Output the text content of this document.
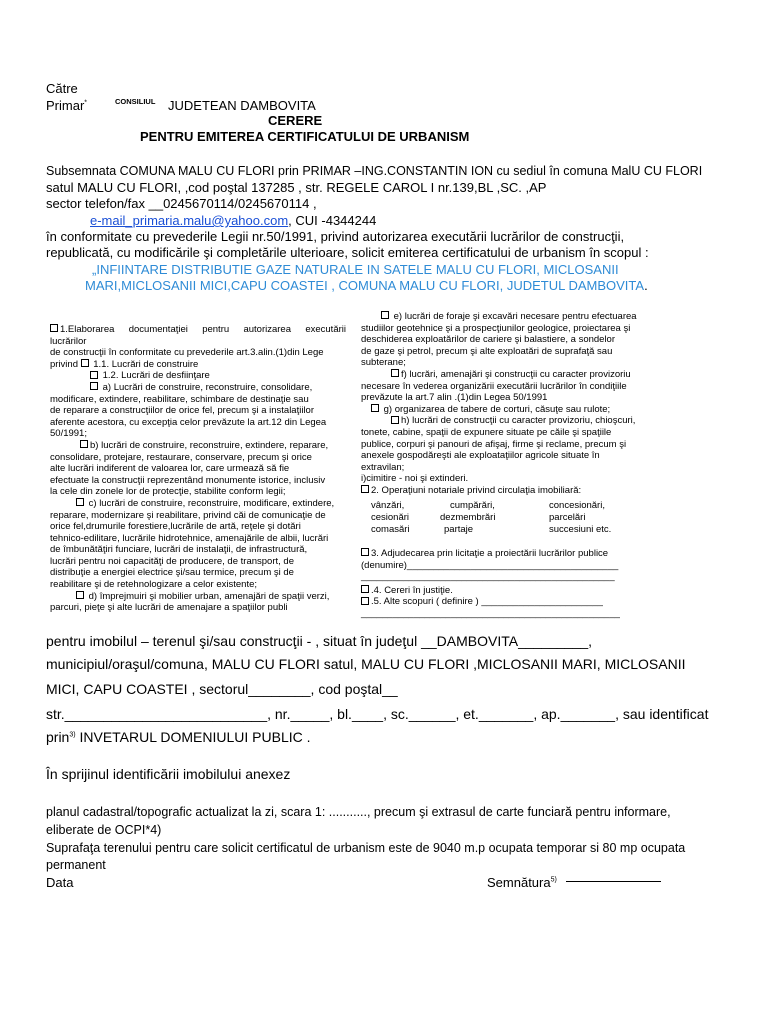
Către
Primar*	CONSILIUL JUDETEAN DAMBOVITA
CERERE
PENTRU EMITEREA CERTIFICATULUI DE URBANISM
Subsemnata COMUNA MALU CU FLORI prin PRIMAR –ING.CONSTANTIN ION cu sediul în comuna MalU CU FLORI
satul MALU CU FLORI, ,cod poştal 137285 , str. REGELE CAROL I nr.139,BL ,SC. ,AP
sector telefon/fax __0245670114/0245670114 ,
e-mail_primaria.malu@yahoo.com, CUI -4344244
în conformitate cu prevederile Legii nr.50/1991, privind autorizarea executării lucrărilor de construcţii,
republicată, cu modificările şi completările ulterioare, solicit emiterea certificatului de urbanism în scopul :
„INFIINTARE DISTRIBUTIE GAZE NATURALE IN SATELE MALU CU FLORI, MICLOSANII
MARI,MICLOSANII MICI,CAPU COASTEI , COMUNA MALU CU FLORI, JUDETUL DAMBOVITA.
1.Elaborarea documentaţiei pentru autorizarea executării
lucrărilor
de construcţii în conformitate cu prevederile art.3.alin.(1)din Lege
privind  1.1. Lucrări de construire
1.2. Lucrări de desfiinţare
a) Lucrări de construire, reconstruire, consolidare,
modificare, extindere, reabilitare, schimbare de destinaţie sau
de reparare a construcţiilor de orice fel, precum şi a instalaţiilor
aferente acestora, cu excepţia celor prevăzute la art.12 din Legea
50/1991;
b) lucrări de construire, reconstruire, extindere, reparare,
consolidare, protejare, restaurare, conservare, precum şi orice
alte lucrări indiferent de valoarea lor, care urmează să fie
efectuate la construcţii reprezentând monumente istorice, inclusiv
la cele din zonele lor de protecţie, stabilite conform legii;
c) lucrări de construire, reconstruire, modificare, extindere,
reparare, modernizare şi reabilitare, privind căi de comunicaţie de
orice fel,drumurile forestiere,lucrările de artă, reţele şi dotări
tehnico-edilitare, lucrările hidrotehnice, amenajările de albii, lucrări
de îmbunătăţiri funciare, lucrări de instalaţii, de infrastructură,
lucrări pentru noi capacităţi de producere, de transport, de
distribuţie a energiei electrice şi/sau termice, precum şi de
reabilitare şi de retehnologizare a celor existente;
d) împrejmuiri şi mobilier urban, amenajări de spaţii verzi,
parcuri, pieţe şi alte lucrări de amenajare a spaţiilor publi
e) lucrări de foraje şi excavări necesare pentru efectuarea
studiilor geotehnice şi a prospecţiunilor geologice, proiectarea şi
deschiderea exploatărilor de cariere şi balastiere, a sondelor
de gaze şi petrol, precum şi alte exploatări de suprafaţă sau
subterane;
f) lucrări, amenajări şi construcţii cu caracter provizoriu
necesare în vederea organizării executării lucrărilor în condiţiile
prevăzute la art.7 alin .(1)din Legea 50/1991
g) organizarea de tabere de corturi, căsuţe sau rulote;
h) lucrări de construcţii cu caracter provizoriu, chioşcuri,
tonete, cabine, spaţii de expunere situate pe căile şi spaţiile
publice, corpuri şi panouri de afişaj, firme şi reclame, precum şi
anexele gospodăreşti ale exploataţiilor agricole situate în
extravilan;
i)cimitire - noi şi extinderi.
2. Operaţiuni notariale privind circulaţia imobiliară:
vânzări,	cumpărări,	concesionări,
cesionări	dezmembrări	parcelări
comasări	partaje	succesiuni etc.
3. Adjudecarea prin licitaţie a proiectării lucrărilor publice
(denumire)________________________________________
________________________________________________
.4. Cereri în justiţie.
.5. Alte scopuri ( definire ) _______________________
_________________________________________________
pentru imobilul – terenul şi/sau construcţii - , situat în judeţul __DAMBOVITA_________,
municipiul/oraşul/comuna, MALU CU FLORI satul, MALU CU FLORI ,MICLOSANII MARI, MICLOSANII
MICI, CAPU COASTEI , sectorul________, cod poştal__
str.__________________________, nr._____, bl.____, sc.______, et._______, ap._______, sau identificat
prin$^{3)}$ INVETARUL DOMENIULUI PUBLIC .
În sprijinul identificării imobilului anexez
planul cadastral/topografic actualizat la zi, scara 1: ..........., precum şi extrasul de carte funciară pentru informare,
eliberate de OCPI*4)
Suprafaţa terenului pentru care solicit certificatul de urbanism este de 9040 m.p ocupata temporar si 80 mp ocupata
permanent
Data	Semnătura$^{5)}$
